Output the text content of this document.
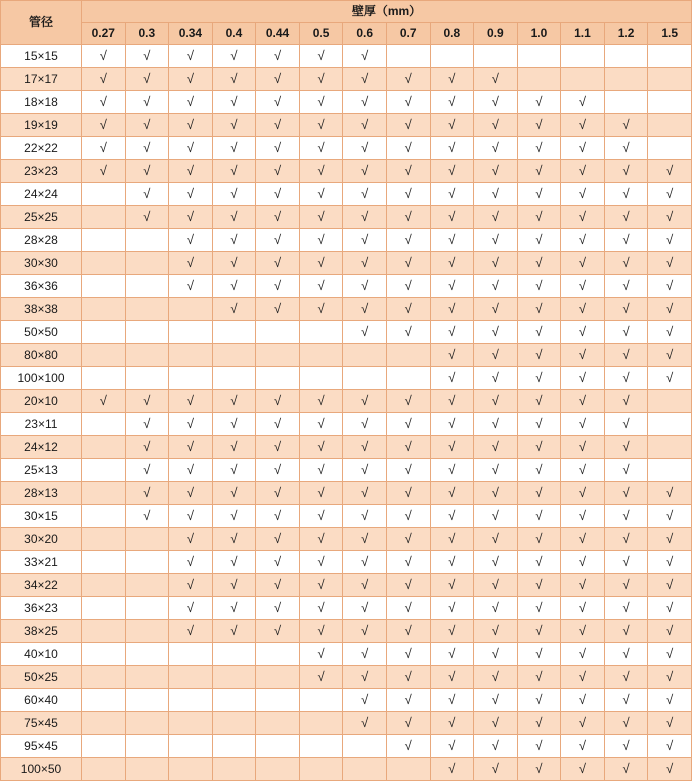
管径	壁厚（mm）													
	0.27	0.3	0.34	0.4	0.44	0.5	0.6	0.7	0.8	0.9	1.0	1.1	1.2	1.5
15×15	√	√	√	√	√	√	√							
17×17	√	√	√	√	√	√	√	√	√	√				
18×18	√	√	√	√	√	√	√	√	√	√	√	√		
19×19	√	√	√	√	√	√	√	√	√	√	√	√	√	
22×22	√	√	√	√	√	√	√	√	√	√	√	√	√	
23×23	√	√	√	√	√	√	√	√	√	√	√	√	√	√
24×24		√	√	√	√	√	√	√	√	√	√	√	√	√
25×25		√	√	√	√	√	√	√	√	√	√	√	√	√
28×28			√	√	√	√	√	√	√	√	√	√	√	√
30×30			√	√	√	√	√	√	√	√	√	√	√	√
36×36			√	√	√	√	√	√	√	√	√	√	√	√
38×38				√	√	√	√	√	√	√	√	√	√	√
50×50							√	√	√	√	√	√	√	√
80×80									√	√	√	√	√	√
100×100									√	√	√	√	√	√
20×10	√	√	√	√	√	√	√	√	√	√	√	√	√	
23×11		√	√	√	√	√	√	√	√	√	√	√	√	
24×12		√	√	√	√	√	√	√	√	√	√	√	√	
25×13		√	√	√	√	√	√	√	√	√	√	√	√	
28×13		√	√	√	√	√	√	√	√	√	√	√	√	√
30×15		√	√	√	√	√	√	√	√	√	√	√	√	√
30×20			√	√	√	√	√	√	√	√	√	√	√	√
33×21			√	√	√	√	√	√	√	√	√	√	√	√
34×22			√	√	√	√	√	√	√	√	√	√	√	√
36×23			√	√	√	√	√	√	√	√	√	√	√	√
38×25			√	√	√	√	√	√	√	√	√	√	√	√
40×10						√	√	√	√	√	√	√	√	√
50×25						√	√	√	√	√	√	√	√	√
60×40							√	√	√	√	√	√	√	√
75×45							√	√	√	√	√	√	√	√
95×45								√	√	√	√	√	√	√
100×50									√	√	√	√	√	√
